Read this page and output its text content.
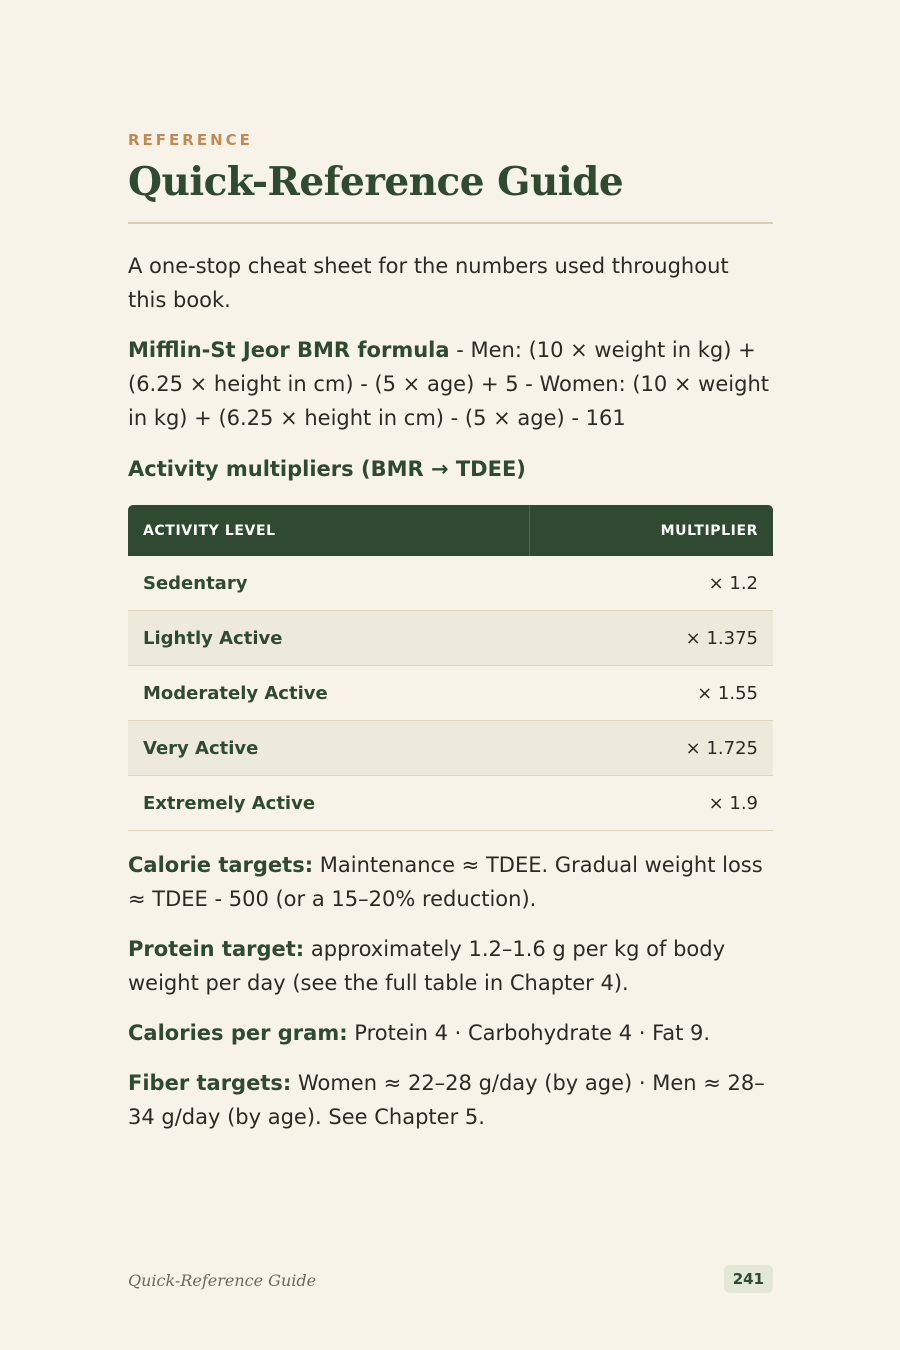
REFERENCE
Quick-Reference Guide

A one-stop cheat sheet for the numbers used throughout this book.

Mifflin-St Jeor BMR formula - Men: (10 × weight in kg) + (6.25 × height in cm) - (5 × age) + 5 - Women: (10 × weight in kg) + (6.25 × height in cm) - (5 × age) - 161

Activity multipliers (BMR → TDEE)
ACTIVITY LEVEL	MULTIPLIER
Sedentary	× 1.2
Lightly Active	× 1.375
Moderately Active	× 1.55
Very Active	× 1.725
Extremely Active	× 1.9

Calorie targets: Maintenance ≈ TDEE. Gradual weight loss ≈ TDEE - 500 (or a 15–20% reduction).

Protein target: approximately 1.2–1.6 g per kg of body weight per day (see the full table in Chapter 4).

Calories per gram: Protein 4 · Carbohydrate 4 · Fat 9.

Fiber targets: Women ≈ 22–28 g/day (by age) · Men ≈ 28–34 g/day (by age). See Chapter 5.

Quick-Reference Guide	241
